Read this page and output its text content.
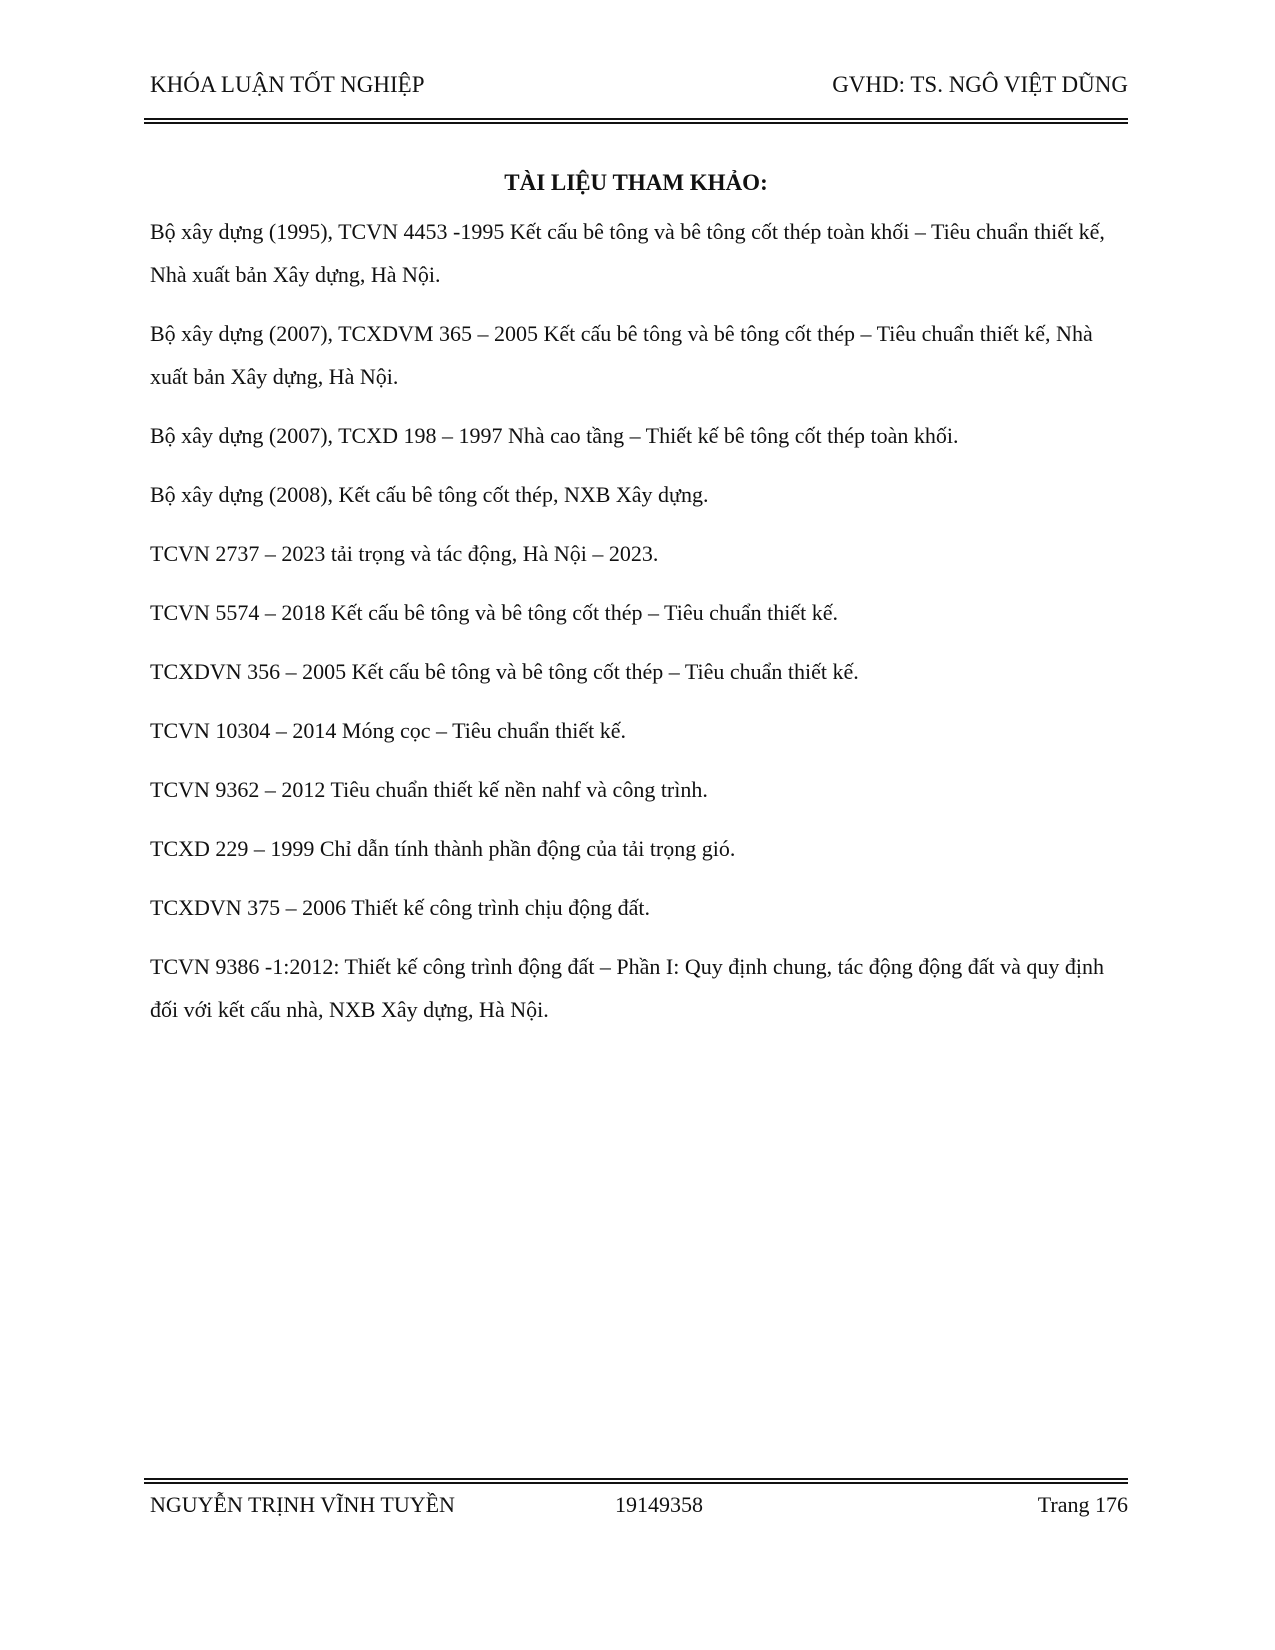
KHÓA LUẬN TỐT NGHIỆP	GVHD: TS. NGÔ VIỆT DŨNG
TÀI LIỆU THAM KHẢO:

Bộ xây dựng (1995), TCVN 4453 -1995 Kết cấu bê tông và bê tông cốt thép toàn khối – Tiêu chuẩn thiết kế, Nhà xuất bản Xây dựng, Hà Nội.

Bộ xây dựng (2007), TCXDVM 365 – 2005 Kết cấu bê tông và bê tông cốt thép – Tiêu chuẩn thiết kế, Nhà xuất bản Xây dựng, Hà Nội.

Bộ xây dựng (2007), TCXD 198 – 1997 Nhà cao tầng – Thiết kế bê tông cốt thép toàn khối.

Bộ xây dựng (2008), Kết cấu bê tông cốt thép, NXB Xây dựng.

TCVN 2737 – 2023 tải trọng và tác động, Hà Nội – 2023.

TCVN 5574 – 2018 Kết cấu bê tông và bê tông cốt thép – Tiêu chuẩn thiết kế.

TCXDVN 356 – 2005 Kết cấu bê tông và bê tông cốt thép – Tiêu chuẩn thiết kế.

TCVN 10304 – 2014 Móng cọc – Tiêu chuẩn thiết kế.

TCVN 9362 – 2012 Tiêu chuẩn thiết kế nền nahf và công trình.

TCXD 229 – 1999 Chỉ dẫn tính thành phần động của tải trọng gió.

TCXDVN 375 – 2006 Thiết kế công trình chịu động đất.

TCVN 9386 -1:2012: Thiết kế công trình động đất – Phần I: Quy định chung, tác động động đất và quy định đối với kết cấu nhà, NXB Xây dựng, Hà Nội.

NGUYỄN TRỊNH VĨNH TUYỀN	19149358	Trang 176
